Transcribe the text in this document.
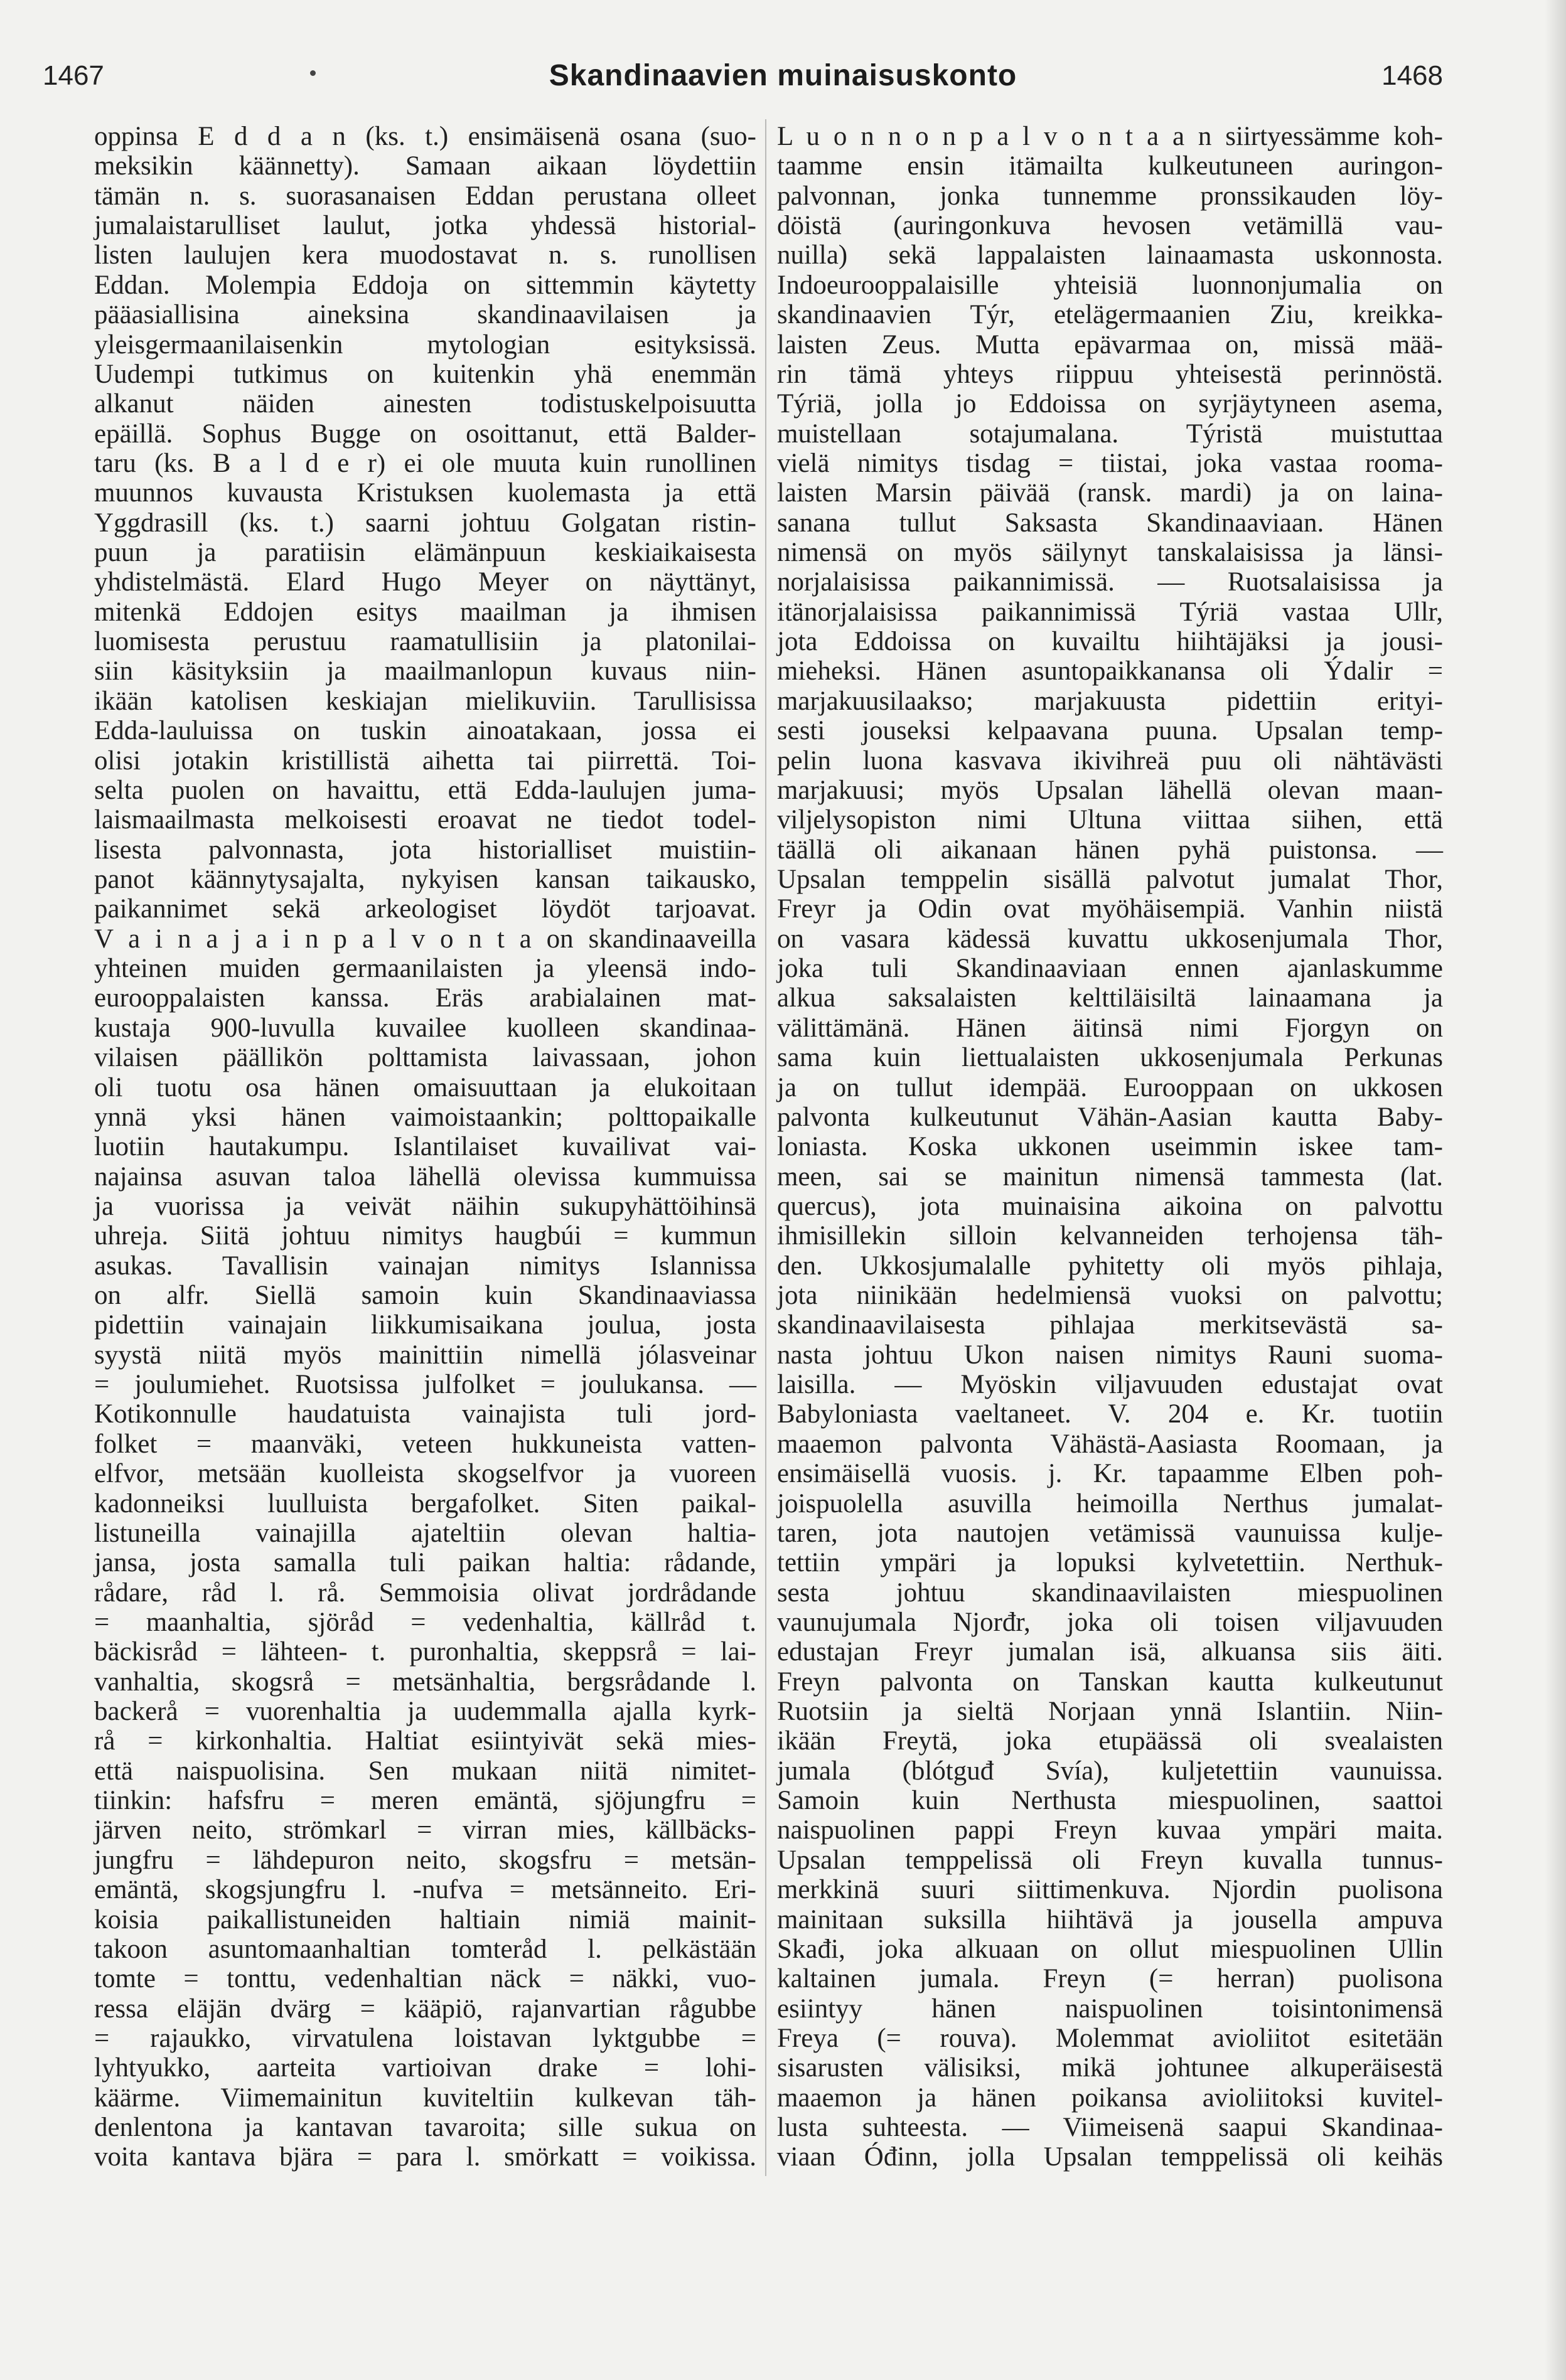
1467	Skandinaavien muinaisuskonto	1468
oppinsa E d d a n (ks. t.) ensimäisenä osana (suo-
meksikin käännetty). Samaan aikaan löydettiin
tämän n. s. suorasanaisen Eddan perustana olleet
jumalaistarulliset laulut, jotka yhdessä historial-
listen laulujen kera muodostavat n. s. runollisen
Eddan. Molempia Eddoja on sittemmin käytetty
pääasiallisina aineksina skandinaavilaisen ja
yleisgermaanilaisenkin mytologian esityksissä.
Uudempi tutkimus on kuitenkin yhä enemmän
alkanut näiden ainesten todistuskelpoisuutta
epäillä. Sophus Bugge on osoittanut, että Balder-
taru (ks. B a l d e r) ei ole muuta kuin runollinen
muunnos kuvausta Kristuksen kuolemasta ja että
Yggdrasill (ks. t.) saarni johtuu Golgatan ristin-
puun ja paratiisin elämänpuun keskiaikaisesta
yhdistelmästä. Elard Hugo Meyer on näyttänyt,
mitenkä Eddojen esitys maailman ja ihmisen
luomisesta perustuu raamatullisiin ja platonilai-
siin käsityksiin ja maailmanlopun kuvaus niin-
ikään katolisen keskiajan mielikuviin. Tarullisissa
Edda-lauluissa on tuskin ainoatakaan, jossa ei
olisi jotakin kristillistä aihetta tai piirrettä. Toi-
selta puolen on havaittu, että Edda-laulujen juma-
laismaailmasta melkoisesti eroavat ne tiedot todel-
lisesta palvonnasta, jota historialliset muistiin-
panot käännytysajalta, nykyisen kansan taikausko,
paikannimet sekä arkeologiset löydöt tarjoavat.
V a i n a j a i n p a l v o n t a on skandinaaveilla
yhteinen muiden germaanilaisten ja yleensä indo-
eurooppalaisten kanssa. Eräs arabialainen mat-
kustaja 900-luvulla kuvailee kuolleen skandinaa-
vilaisen päällikön polttamista laivassaan, johon
oli tuotu osa hänen omaisuuttaan ja elukoitaan
ynnä yksi hänen vaimoistaankin; polttopaikalle
luotiin hautakumpu. Islantilaiset kuvailivat vai-
najainsa asuvan taloa lähellä olevissa kummuissa
ja vuorissa ja veivät näihin sukupyhättöihinsä
uhreja. Siitä johtuu nimitys haugbúi = kummun
asukas. Tavallisin vainajan nimitys Islannissa
on alfr. Siellä samoin kuin Skandinaaviassa
pidettiin vainajain liikkumisaikana joulua, josta
syystä niitä myös mainittiin nimellä jólasveinar
= joulumiehet. Ruotsissa julfolket = joulukansa. —
Kotikonnulle haudatuista vainajista tuli jord-
folket = maanväki, veteen hukkuneista vatten-
elfvor, metsään kuolleista skogselfvor ja vuoreen
kadonneiksi luulluista bergafolket. Siten paikal-
listuneilla vainajilla ajateltiin olevan haltia-
jansa, josta samalla tuli paikan haltia: rådande,
rådare, råd l. rå. Semmoisia olivat jordrådande
= maanhaltia, sjöråd = vedenhaltia, källråd t.
bäckisråd = lähteen- t. puronhaltia, skeppsrå = lai-
vanhaltia, skogsrå = metsänhaltia, bergsrådande l.
backerå = vuorenhaltia ja uudemmalla ajalla kyrk-
rå = kirkonhaltia. Haltiat esiintyivät sekä mies-
että naispuolisina. Sen mukaan niitä nimitet-
tiinkin: hafsfru = meren emäntä, sjöjungfru =
järven neito, strömkarl = virran mies, källbäcks-
jungfru = lähdepuron neito, skogsfru = metsän-
emäntä, skogsjungfru l. -nufva = metsänneito. Eri-
koisia paikallistuneiden haltiain nimiä mainit-
takoon asuntomaanhaltian tomteråd l. pelkästään
tomte = tonttu, vedenhaltian näck = näkki, vuo-
ressa eläjän dvärg = kääpiö, rajanvartian rågubbe
= rajaukko, virvatulena loistavan lyktgubbe =
lyhtyukko, aarteita vartioivan drake = lohi-
käärme. Viimemainitun kuviteltiin kulkevan täh-
denlentona ja kantavan tavaroita; sille sukua on
voita kantava bjära = para l. smörkatt = voikissa.
L u o n n o n p a l v o n t a a n siirtyessämme koh-
taamme ensin itämailta kulkeutuneen auringon-
palvonnan, jonka tunnemme pronssikauden löy-
döistä (auringonkuva hevosen vetämillä vau-
nuilla) sekä lappalaisten lainaamasta uskonnosta.
Indoeurooppalaisille yhteisiä luonnonjumalia on
skandinaavien Týr, etelägermaanien Ziu, kreikka-
laisten Zeus. Mutta epävarmaa on, missä mää-
rin tämä yhteys riippuu yhteisestä perinnöstä.
Týriä, jolla jo Eddoissa on syrjäytyneen asema,
muistellaan sotajumalana. Týristä muistuttaa
vielä nimitys tisdag = tiistai, joka vastaa rooma-
laisten Marsin päivää (ransk. mardi) ja on laina-
sanana tullut Saksasta Skandinaaviaan. Hänen
nimensä on myös säilynyt tanskalaisissa ja länsi-
norjalaisissa paikannimissä. — Ruotsalaisissa ja
itänorjalaisissa paikannimissä Týriä vastaa Ullr,
jota Eddoissa on kuvailtu hiihtäjäksi ja jousi-
mieheksi. Hänen asuntopaikkanansa oli Ýdalir =
marjakuusilaakso; marjakuusta pidettiin erityi-
sesti jouseksi kelpaavana puuna. Upsalan temp-
pelin luona kasvava ikivihreä puu oli nähtävästi
marjakuusi; myös Upsalan lähellä olevan maan-
viljelysopiston nimi Ultuna viittaa siihen, että
täällä oli aikanaan hänen pyhä puistonsa. —
Upsalan temppelin sisällä palvotut jumalat Thor,
Freyr ja Odin ovat myöhäisempiä. Vanhin niistä
on vasara kädessä kuvattu ukkosenjumala Thor,
joka tuli Skandinaaviaan ennen ajanlaskumme
alkua saksalaisten kelttiläisiltä lainaamana ja
välittämänä. Hänen äitinsä nimi Fjorgyn on
sama kuin liettualaisten ukkosenjumala Perkunas
ja on tullut idempää. Eurooppaan on ukkosen
palvonta kulkeutunut Vähän-Aasian kautta Baby-
loniasta. Koska ukkonen useimmin iskee tam-
meen, sai se mainitun nimensä tammesta (lat.
quercus), jota muinaisina aikoina on palvottu
ihmisillekin silloin kelvanneiden terhojensa täh-
den. Ukkosjumalalle pyhitetty oli myös pihlaja,
jota niinikään hedelmiensä vuoksi on palvottu;
skandinaavilaisesta pihlajaa merkitsevästä sa-
nasta johtuu Ukon naisen nimitys Rauni suoma-
laisilla. — Myöskin viljavuuden edustajat ovat
Babyloniasta vaeltaneet. V. 204 e. Kr. tuotiin
maaemon palvonta Vähästä-Aasiasta Roomaan, ja
ensimäisellä vuosis. j. Kr. tapaamme Elben poh-
joispuolella asuvilla heimoilla Nerthus jumalat-
taren, jota nautojen vetämissä vaunuissa kulje-
tettiin ympäri ja lopuksi kylvetettiin. Nerthuk-
sesta johtuu skandinaavilaisten miespuolinen
vaunujumala Njorđr, joka oli toisen viljavuuden
edustajan Freyr jumalan isä, alkuansa siis äiti.
Freyn palvonta on Tanskan kautta kulkeutunut
Ruotsiin ja sieltä Norjaan ynnä Islantiin. Niin-
ikään Freytä, joka etupäässä oli svealaisten
jumala (blótguđ Svía), kuljetettiin vaunuissa.
Samoin kuin Nerthusta miespuolinen, saattoi
naispuolinen pappi Freyn kuvaa ympäri maita.
Upsalan temppelissä oli Freyn kuvalla tunnus-
merkkinä suuri siittimenkuva. Njordin puolisona
mainitaan suksilla hiihtävä ja jousella ampuva
Skađi, joka alkuaan on ollut miespuolinen Ullin
kaltainen jumala. Freyn (= herran) puolisona
esiintyy hänen naispuolinen toisintonimensä
Freya (= rouva). Molemmat avioliitot esitetään
sisarusten välisiksi, mikä johtunee alkuperäisestä
maaemon ja hänen poikansa avioliitoksi kuvitel-
lusta suhteesta. — Viimeisenä saapui Skandinaa-
viaan Óđinn, jolla Upsalan temppelissä oli keihäs
